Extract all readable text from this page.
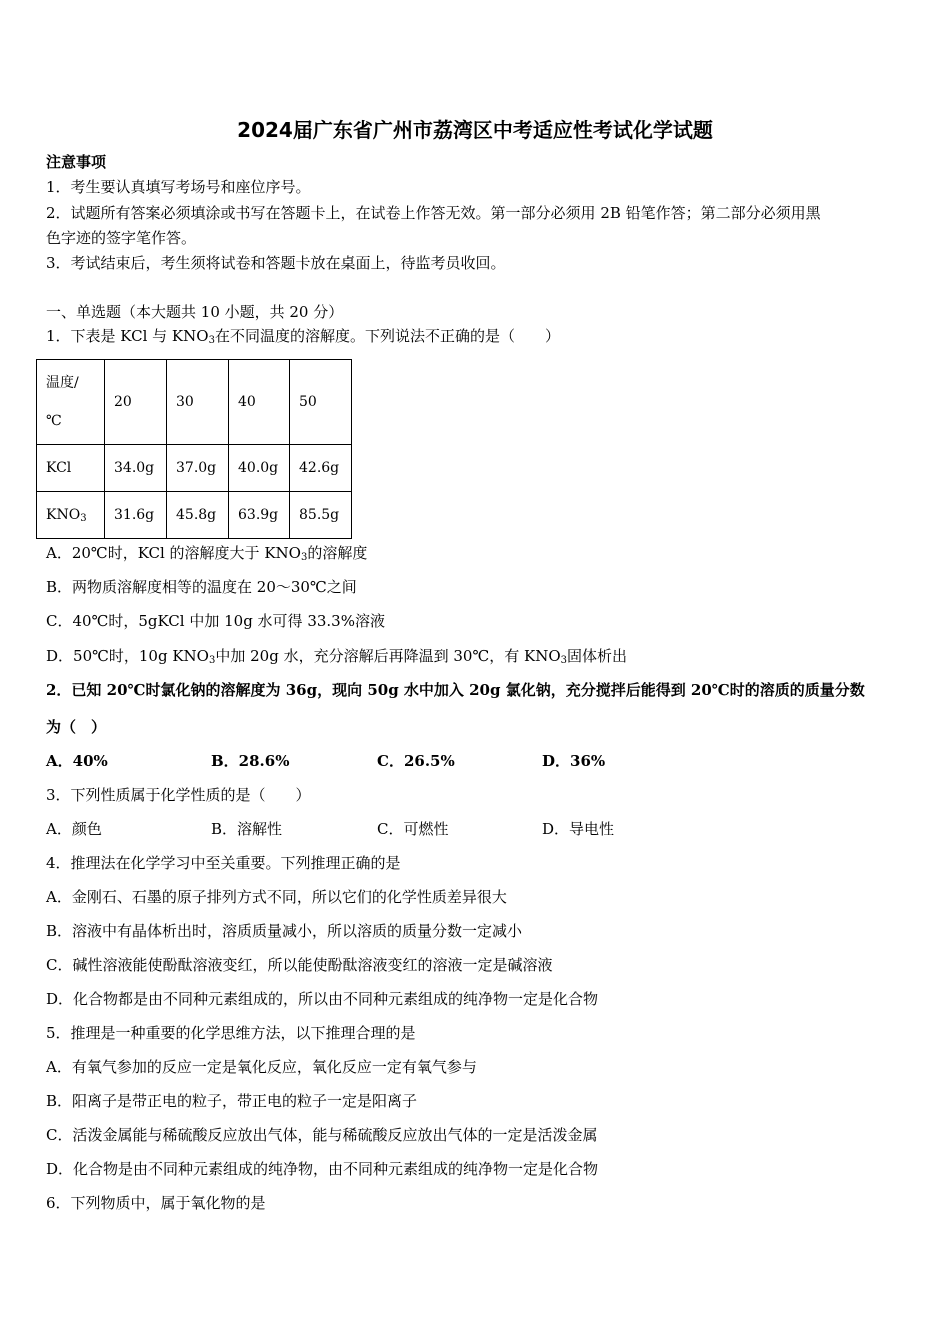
2024届广东省广州市荔湾区中考适应性考试化学试题
注意事项
1．考生要认真填写考场号和座位序号。
2．试题所有答案必须填涂或书写在答题卡上，在试卷上作答无效。第一部分必须用 2B 铅笔作答；第二部分必须用黑
色字迹的签字笔作答。
3．考试结束后，考生须将试卷和答题卡放在桌面上，待监考员收回。
一、单选题（本大题共 10 小题，共 20 分）
1．下表是 KCl 与 $KNO_3$在不同温度的溶解度。下列说法不正确的是（　　）
温度/
℃	20	30	40	50
KCl	34.0g	37.0g	40.0g	42.6g
$KNO_3$	31.6g	45.8g	63.9g	85.5g
A．20℃时，KCl 的溶解度大于 $KNO_3$的溶解度
B．两物质溶解度相等的温度在 20～30℃之间
C．40℃时，5gKCl 中加 10g 水可得 33.3%溶液
D．50℃时，10g $KNO_3$中加 20g 水，充分溶解后再降温到 30℃，有 $KNO_3$固体析出
2．已知 20℃时氯化钠的溶解度为 36g，现向 50g 水中加入 20g 氯化钠，充分搅拌后能得到 20℃时的溶质的质量分数
为（　）
A．40%	B．28.6%	C．26.5%	D．36%
3．下列性质属于化学性质的是（　　）
A．颜色	B．溶解性	C．可燃性	D．导电性
4．推理法在化学学习中至关重要。下列推理正确的是
A．金刚石、石墨的原子排列方式不同，所以它们的化学性质差异很大
B．溶液中有晶体析出时，溶质质量减小，所以溶质的质量分数一定减小
C．碱性溶液能使酚酞溶液变红，所以能使酚酞溶液变红的溶液一定是碱溶液
D．化合物都是由不同种元素组成的，所以由不同种元素组成的纯净物一定是化合物
5．推理是一种重要的化学思维方法，以下推理合理的是
A．有氧气参加的反应一定是氧化反应，氧化反应一定有氧气参与
B．阳离子是带正电的粒子，带正电的粒子一定是阳离子
C．活泼金属能与稀硫酸反应放出气体，能与稀硫酸反应放出气体的一定是活泼金属
D．化合物是由不同种元素组成的纯净物，由不同种元素组成的纯净物一定是化合物
6．下列物质中，属于氧化物的是
